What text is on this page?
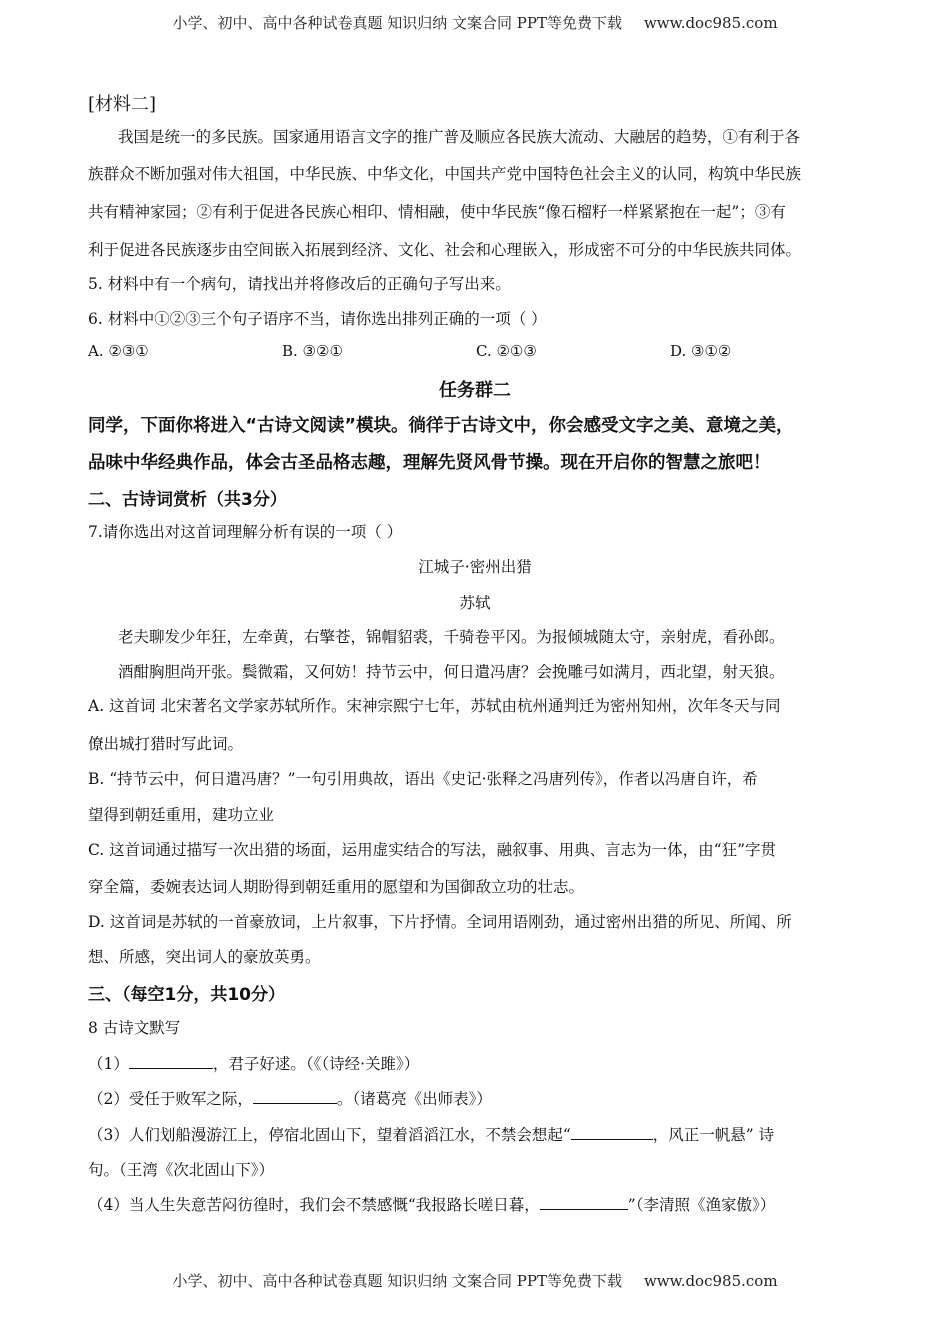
小学、初中、高中各种试卷真题 知识归纳 文案合同 PPT等免费下载 www.doc985.com
[材料二]
我国是统一的多民族。国家通用语言文字的推广普及顺应各民族大流动、大融居的趋势，①有利于各
族群众不断加强对伟大祖国，中华民族、中华文化，中国共产党中国特色社会主义的认同，构筑中华民族
共有精神家园；②有利于促进各民族心相印、情相融，使中华民族“像石榴籽一样紧紧抱在一起”；③有
利于促进各民族逐步由空间嵌入拓展到经济、文化、社会和心理嵌入，形成密不可分的中华民族共同体。
5. 材料中有一个病句，请找出并将修改后的正确句子写出来。
6. 材料中①②③三个句子语序不当，请你选出排列正确的一项（ ）
A. ②③①	B. ③②①	C. ②①③	D. ③①②
任务群二
同学，下面你将进入“古诗文阅读”模块。徜徉于古诗文中，你会感受文字之美、意境之美，
品味中华经典作品，体会古圣品格志趣，理解先贤风骨节操。现在开启你的智慧之旅吧！
二、古诗词赏析（共3分）
7.请你选出对这首词理解分析有误的一项（ ）
江城子·密州出猎
苏轼
老夫聊发少年狂，左牵黄，右擎苍，锦帽貂裘，千骑卷平冈。为报倾城随太守，亲射虎，看孙郎。
酒酣胸胆尚开张。鬓微霜，又何妨！持节云中，何日遣冯唐？会挽雕弓如满月，西北望，射天狼。
A. 这首词 北宋著名文学家苏轼所作。宋神宗熙宁七年，苏轼由杭州通判迁为密州知州，次年冬天与同
僚出城打猎时写此词。
B. “持节云中，何日遣冯唐？”一句引用典故，语出《史记·张释之冯唐列传》，作者以冯唐自许，希
望得到朝廷重用，建功立业
C. 这首词通过描写一次出猎的场面，运用虚实结合的写法，融叙事、用典、言志为一体，由“狂”字贯
穿全篇，委婉表达词人期盼得到朝廷重用的愿望和为国御敌立功的壮志。
D. 这首词是苏轼的一首豪放词，上片叙事，下片抒情。全词用语刚劲，通过密州出猎的所见、所闻、所
想、所感，突出词人的豪放英勇。
三、（每空1分，共10分）
8 古诗文默写
（1）	，君子好逑。（《（诗经·关雎》）
（2）受任于败军之际，	。（诸葛亮《出师表》）
（3）人们划船漫游江上，停宿北固山下，望着滔滔江水，不禁会想起“	，风正一帆悬” 诗
句。（王湾《次北固山下》）
（4）当人生失意苦闷彷徨时，我们会不禁感慨“我报路长嗟日暮，	”（李清照《渔家傲》）
小学、初中、高中各种试卷真题 知识归纳 文案合同 PPT等免费下载 www.doc985.com
